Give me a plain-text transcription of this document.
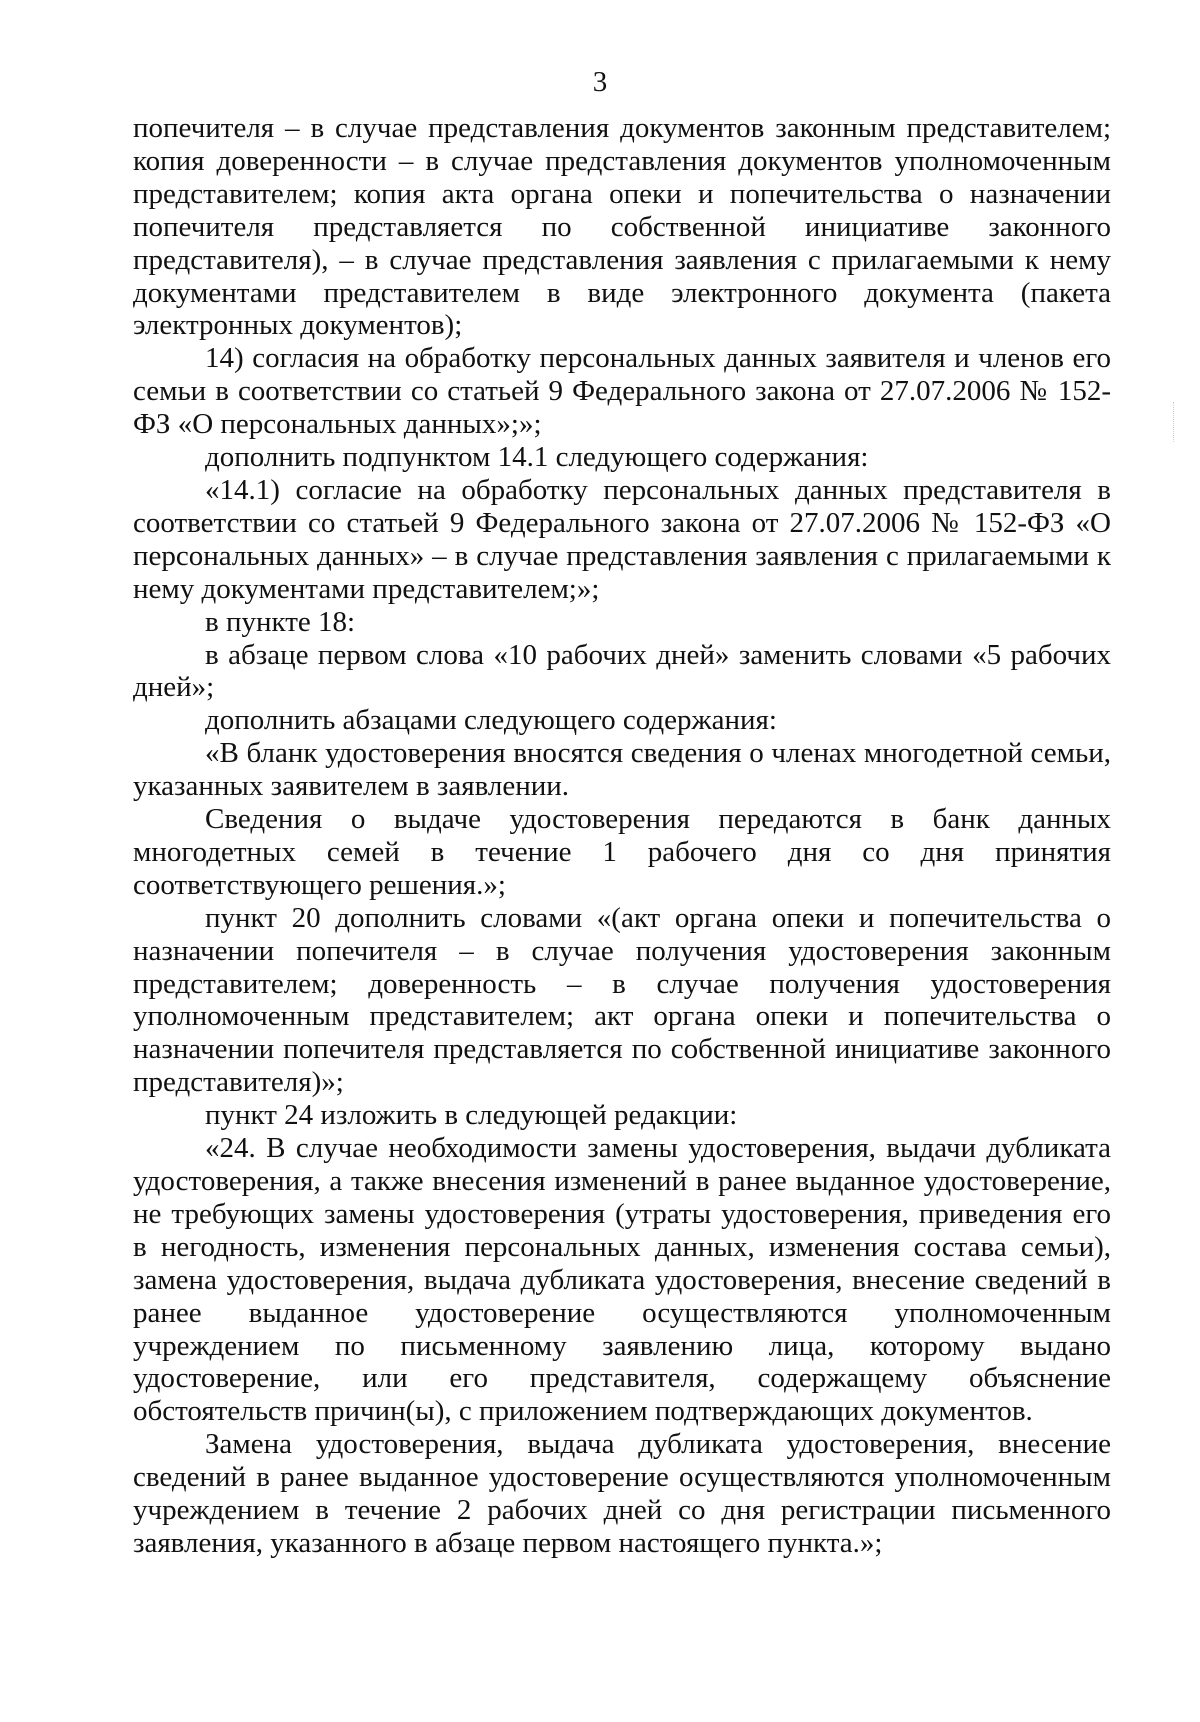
3

попечителя – в случае представления документов законным представителем; копия доверенности – в случае представления документов уполномоченным представителем; копия акта органа опеки и попечительства о назначении попечителя представляется по собственной инициативе законного представителя), – в случае представления заявления с прилагаемыми к нему документами представителем в виде электронного документа (пакета электронных документов);

14) согласия на обработку персональных данных заявителя и членов его семьи в соответствии со статьей 9 Федерального закона от 27.07.2006 № 152-ФЗ «О персональных данных»;»;

дополнить подпунктом 14.1 следующего содержания:

«14.1) согласие на обработку персональных данных представителя в соответствии со статьей 9 Федерального закона от 27.07.2006 № 152-ФЗ «О персональных данных» – в случае представления заявления с прилагаемыми к нему документами представителем;»;

в пункте 18:

в абзаце первом слова «10 рабочих дней» заменить словами «5 рабочих дней»;

дополнить абзацами следующего содержания:

«В бланк удостоверения вносятся сведения о членах многодетной семьи, указанных заявителем в заявлении.

Сведения о выдаче удостоверения передаются в банк данных многодетных семей в течение 1 рабочего дня со дня принятия соответствующего решения.»;

пункт 20 дополнить словами «(акт органа опеки и попечительства о назначении попечителя – в случае получения удостоверения законным представителем; доверенность – в случае получения удостоверения уполномоченным представителем; акт органа опеки и попечительства о назначении попечителя представляется по собственной инициативе законного представителя)»;

пункт 24 изложить в следующей редакции:

«24. В случае необходимости замены удостоверения, выдачи дубликата удостоверения, а также внесения изменений в ранее выданное удостоверение, не требующих замены удостоверения (утраты удостоверения, приведения его в негодность, изменения персональных данных, изменения состава семьи), замена удостоверения, выдача дубликата удостоверения, внесение сведений в ранее выданное удостоверение осуществляются уполномоченным учреждением по письменному заявлению лица, которому выдано удостоверение, или его представителя, содержащему объяснение обстоятельств причин(ы), с приложением подтверждающих документов.

Замена удостоверения, выдача дубликата удостоверения, внесение сведений в ранее выданное удостоверение осуществляются уполномоченным учреждением в течение 2 рабочих дней со дня регистрации письменного заявления, указанного в абзаце первом настоящего пункта.»;
